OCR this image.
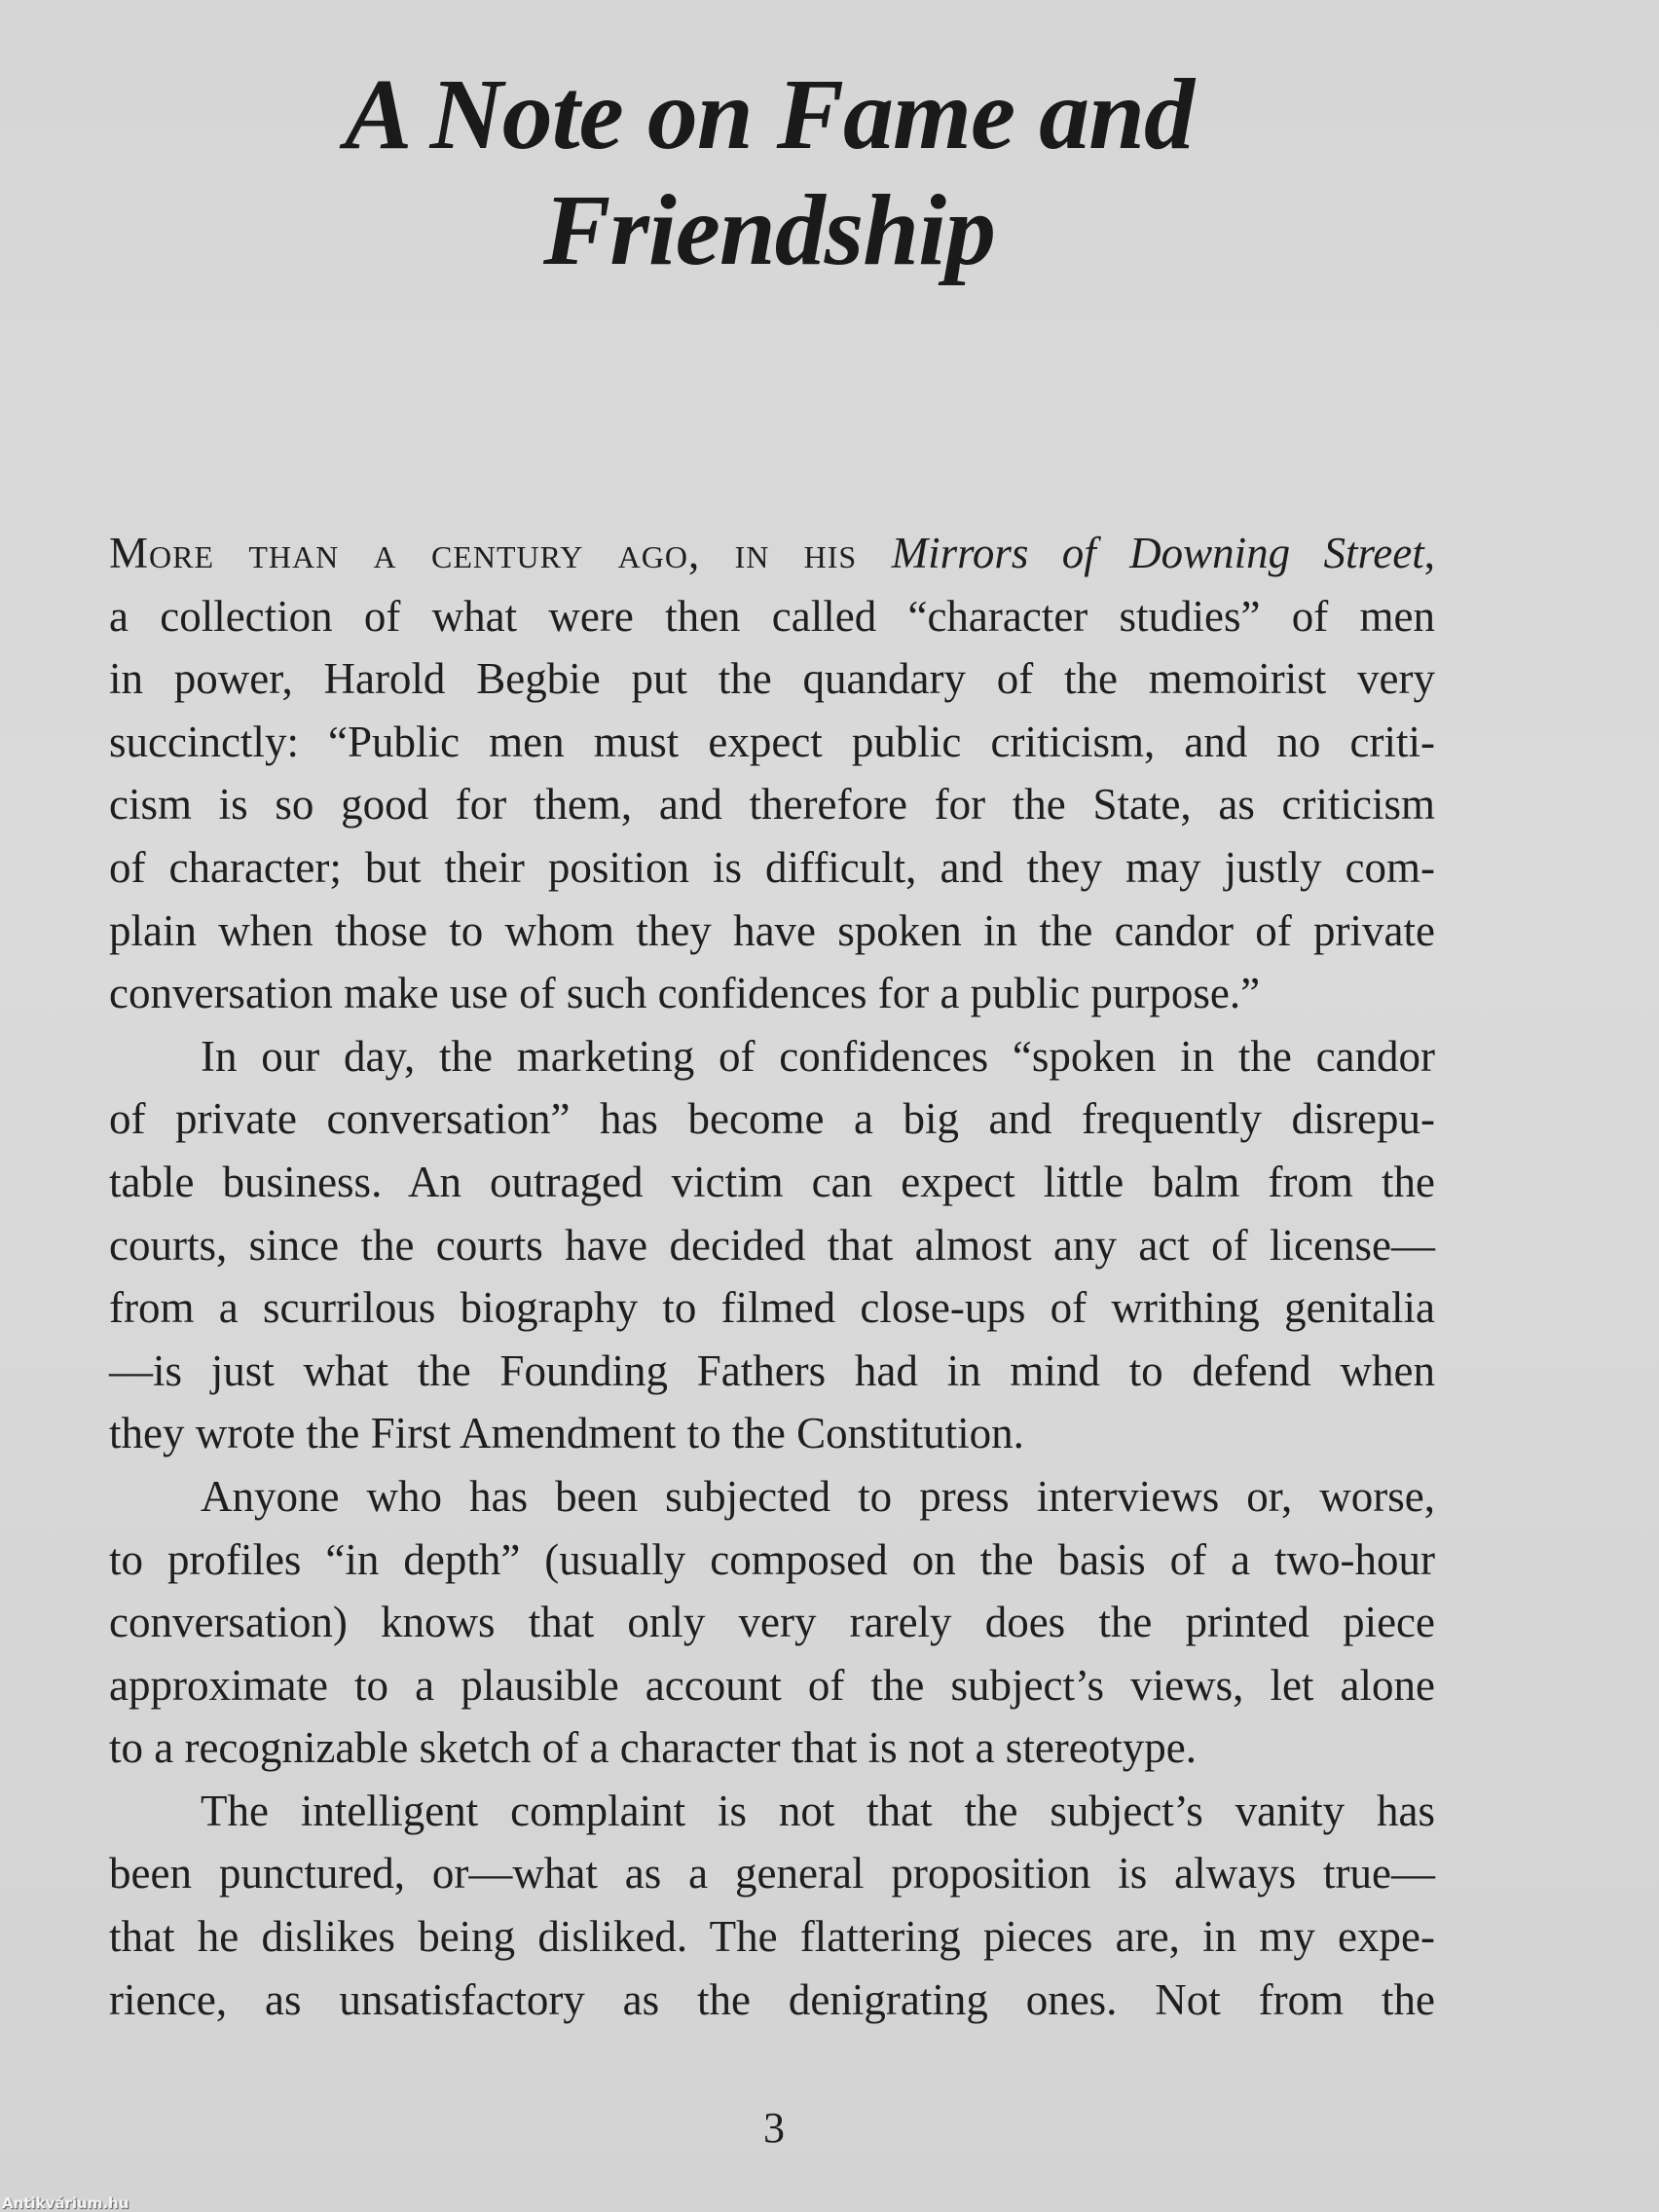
A Note on Fame and Friendship
More than a century ago, in his Mirrors of Downing Street,
a collection of what were then called “character studies” of men
in power, Harold Begbie put the quandary of the memoirist very
succinctly: “Public men must expect public criticism, and no criti-
cism is so good for them, and therefore for the State, as criticism
of character; but their position is difficult, and they may justly com-
plain when those to whom they have spoken in the candor of private
conversation make use of such confidences for a public purpose.”
In our day, the marketing of confidences “spoken in the candor
of private conversation” has become a big and frequently disrepu-
table business. An outraged victim can expect little balm from the
courts, since the courts have decided that almost any act of license—
from a scurrilous biography to filmed close-ups of writhing genitalia
—is just what the Founding Fathers had in mind to defend when
they wrote the First Amendment to the Constitution.
Anyone who has been subjected to press interviews or, worse,
to profiles “in depth” (usually composed on the basis of a two-hour
conversation) knows that only very rarely does the printed piece
approximate to a plausible account of the subject’s views, let alone
to a recognizable sketch of a character that is not a stereotype.
The intelligent complaint is not that the subject’s vanity has
been punctured, or—what as a general proposition is always true—
that he dislikes being disliked. The flattering pieces are, in my expe-
rience, as unsatisfactory as the denigrating ones. Not from the
3
Antikvárium.hu
